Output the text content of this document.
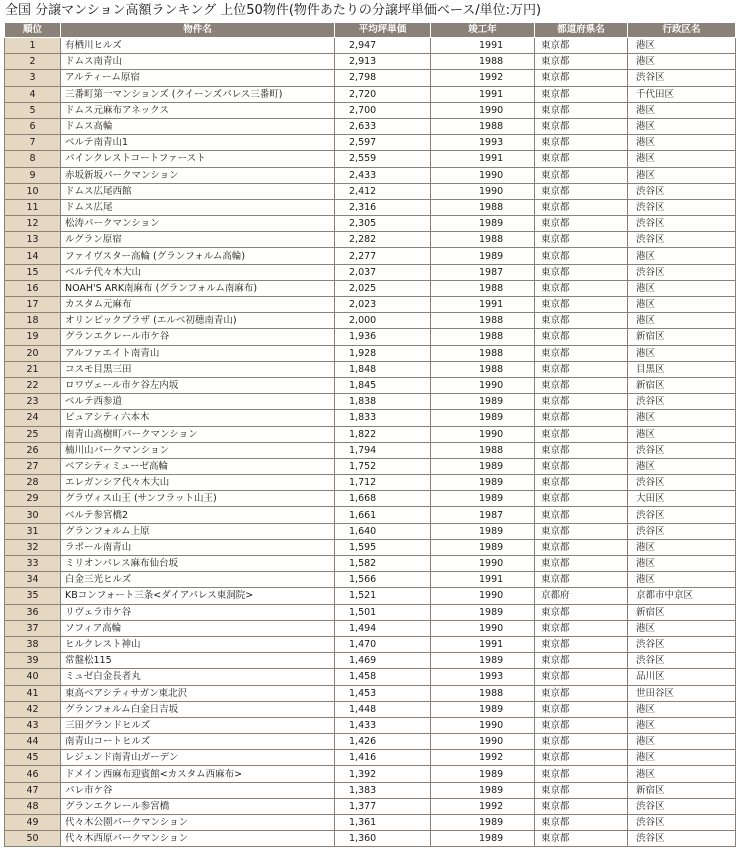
全国 分譲マンション高額ランキング 上位50物件(物件あたりの分譲坪単価ベース/単位:万円)
順位	物件名	平均坪単価	竣工年	都道府県名	行政区名
1	有栖川ヒルズ	2,947	1991	東京都	港区
2	ドムス南青山	2,913	1988	東京都	港区
3	アルティーム原宿	2,798	1992	東京都	渋谷区
4	三番町第一マンションズ (クイーンズパレス三番町)	2,720	1991	東京都	千代田区
5	ドムス元麻布アネックス	2,700	1990	東京都	港区
6	ドムス高輪	2,633	1988	東京都	港区
7	ベルテ南青山1	2,597	1993	東京都	港区
8	パインクレストコートファースト	2,559	1991	東京都	港区
9	赤坂新坂パークマンション	2,433	1990	東京都	港区
10	ドムス広尾西館	2,412	1990	東京都	渋谷区
11	ドムス広尾	2,316	1988	東京都	渋谷区
12	松涛パークマンション	2,305	1989	東京都	渋谷区
13	ルグラン原宿	2,282	1988	東京都	渋谷区
14	ファイヴスター高輪 (グランフォルム高輪)	2,277	1989	東京都	港区
15	ベルテ代々木大山	2,037	1987	東京都	渋谷区
16	NOAH'S ARK南麻布 (グランフォルム南麻布)	2,025	1988	東京都	港区
17	カスタム元麻布	2,023	1991	東京都	港区
18	オリンピックプラザ (エルベ初穂南青山)	2,000	1988	東京都	港区
19	グランエクレール市ケ谷	1,936	1988	東京都	新宿区
20	アルファエイト南青山	1,928	1988	東京都	港区
21	コスモ目黒三田	1,848	1988	東京都	目黒区
22	ロワヴェール市ケ谷左内坂	1,845	1990	東京都	新宿区
23	ベルテ西参道	1,838	1989	東京都	渋谷区
24	ピュアシティ六本木	1,833	1989	東京都	港区
25	南青山高樹町パークマンション	1,822	1990	東京都	港区
26	楠川山パークマンション	1,794	1988	東京都	渋谷区
27	ベアシティミューゼ高輪	1,752	1989	東京都	港区
28	エレガンシア代々木大山	1,712	1989	東京都	渋谷区
29	グラヴィス山王 (サンフラット山王)	1,668	1989	東京都	大田区
30	ベルテ参宮橋2	1,661	1987	東京都	渋谷区
31	グランフォルム上原	1,640	1989	東京都	渋谷区
32	ラポール南青山	1,595	1989	東京都	港区
33	ミリオンパレス麻布仙台坂	1,582	1990	東京都	港区
34	白金三光ヒルズ	1,566	1991	東京都	港区
35	KBコンフォート三条<ダイアパレス東洞院>	1,521	1990	京都府	京都市中京区
36	リヴェラ市ケ谷	1,501	1989	東京都	新宿区
37	ソフィア高輪	1,494	1990	東京都	港区
38	ヒルクレスト神山	1,470	1991	東京都	渋谷区
39	常盤松115	1,469	1989	東京都	渋谷区
40	ミュゼ白金長者丸	1,458	1993	東京都	品川区
41	東高ベアシティサガン東北沢	1,453	1988	東京都	世田谷区
42	グランフォルム白金日吉坂	1,448	1989	東京都	港区
43	三田グランドヒルズ	1,433	1990	東京都	港区
44	南青山コートヒルズ	1,426	1990	東京都	港区
45	レジェンド南青山ガーデン	1,416	1992	東京都	港区
46	ドメイン西麻布迎賓館<カスタム西麻布>	1,392	1989	東京都	港区
47	パレ市ケ谷	1,383	1989	東京都	新宿区
48	グランエクレール参宮橋	1,377	1992	東京都	渋谷区
49	代々木公園パークマンション	1,361	1989	東京都	渋谷区
50	代々木西原パークマンション	1,360	1989	東京都	渋谷区
